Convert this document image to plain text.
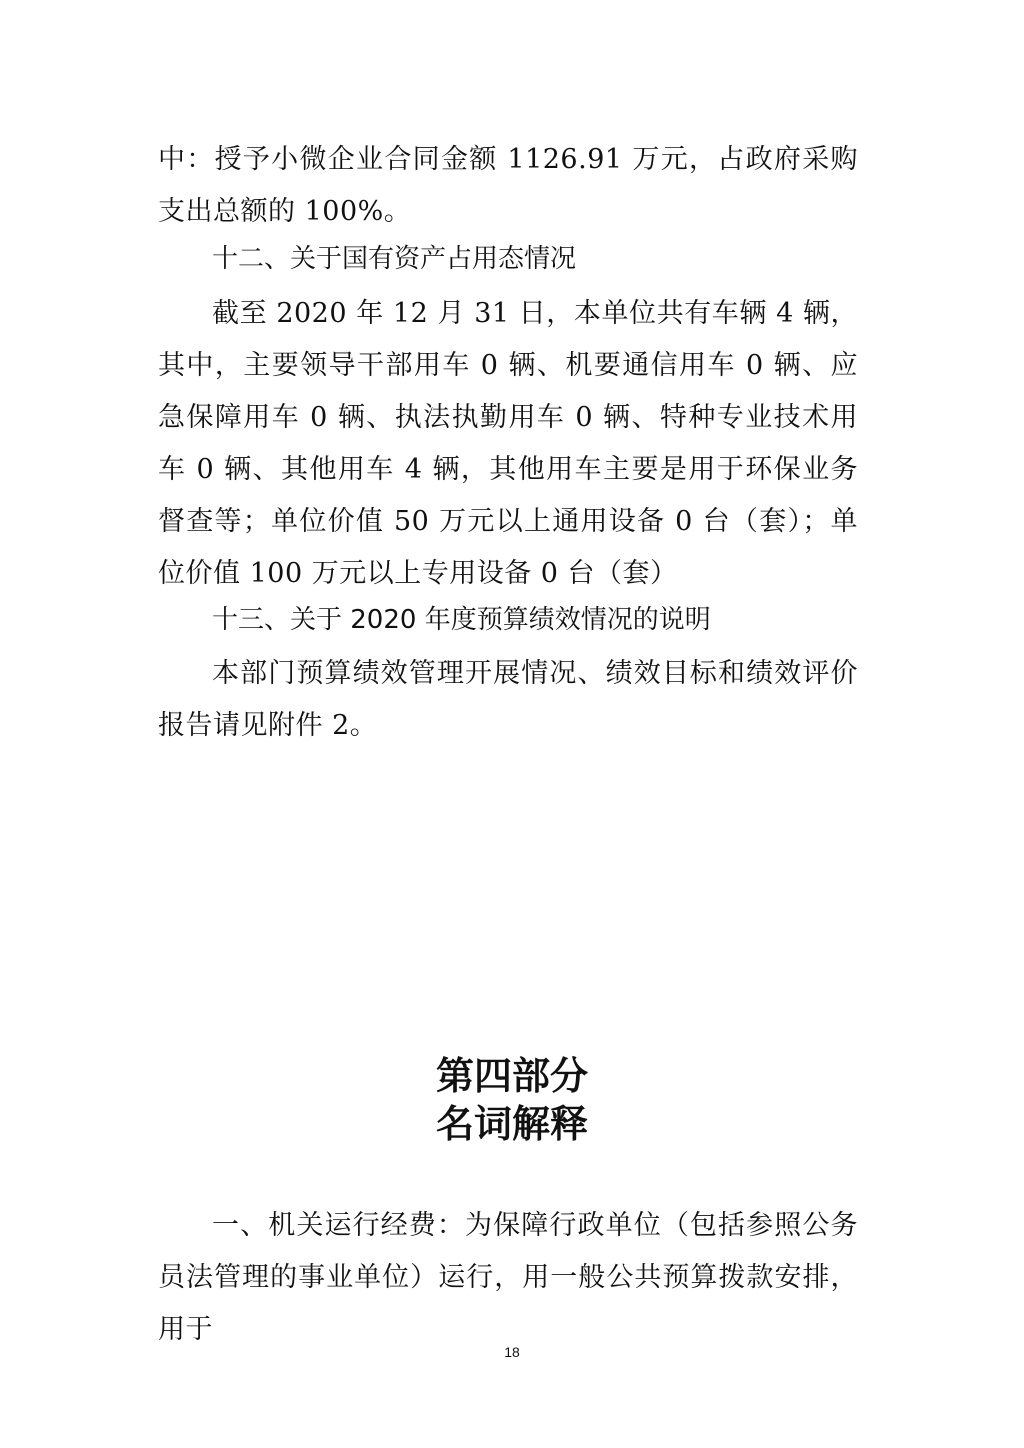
中：授予小微企业合同金额 1126.91 万元，占政府采购支出总额的 100%。

十二、关于国有资产占用态情况

截至 2020 年 12 月 31 日，本单位共有车辆 4 辆，其中，主要领导干部用车 0 辆、机要通信用车 0 辆、应急保障用车 0 辆、执法执勤用车 0 辆、特种专业技术用车 0 辆、其他用车 4 辆，其他用车主要是用于环保业务督查等；单位价值 50 万元以上通用设备 0 台（套）；单位价值 100 万元以上专用设备 0 台（套）

十三、关于 2020 年度预算绩效情况的说明

本部门预算绩效管理开展情况、绩效目标和绩效评价报告请见附件 2。

第四部分
名词解释

一、机关运行经费：为保障行政单位（包括参照公务员法管理的事业单位）运行，用一般公共预算拨款安排，用于

18
